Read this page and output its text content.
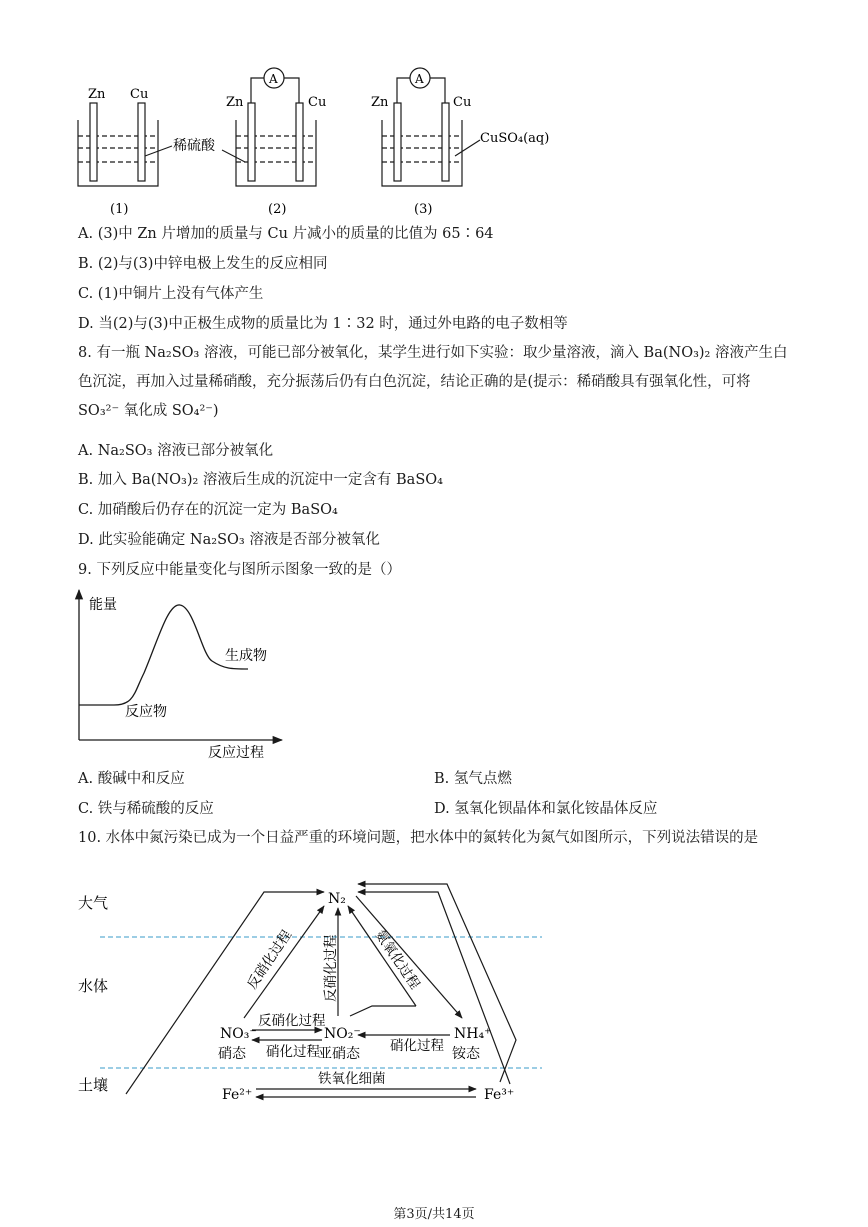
Zn Cu
(1)
稀硫酸
A
Zn	Cu
(2)
A
Zn	Cu
(3)
CuSO₄(aq)
A. (3)中 Zn 片增加的质量与 Cu 片减小的质量的比值为 65∶64
B. (2)与(3)中锌电极上发生的反应相同
C. (1)中铜片上没有气体产生
D. 当(2)与(3)中正极生成物的质量比为 1∶32 时，通过外电路的电子数相等
8. 有一瓶 Na₂SO₃ 溶液，可能已部分被氧化，某学生进行如下实验：取少量溶液，滴入 Ba(NO₃)₂ 溶液产生白色沉淀，再加入过量稀硝酸，充分振荡后仍有白色沉淀，结论正确的是(提示：稀硝酸具有强氧化性，可将 SO₃²⁻ 氧化成 SO₄²⁻)
A. Na₂SO₃ 溶液已部分被氧化
B. 加入 Ba(NO₃)₂ 溶液后生成的沉淀中一定含有 BaSO₄
C. 加硝酸后仍存在的沉淀一定为 BaSO₄
D. 此实验能确定 Na₂SO₃ 溶液是否部分被氧化
9. 下列反应中能量变化与图所示图象一致的是（）
能量
生成物
反应物
反应过程
A. 酸碱中和反应	B. 氢气点燃
C. 铁与稀硫酸的反应	D. 氢氧化钡晶体和氯化铵晶体反应
10. 水体中氮污染已成为一个日益严重的环境问题，把水体中的氮转化为氮气如图所示，下列说法错误的是
大气
水体
土壤
N₂
反硝化过程 反硝化过程 氨氧化过程
NO₃⁻
硝态
NO₂⁻
亚硝态
NH₄⁺
铵态
反硝化过程
硝化过程	硝化过程
Fe²⁺	Fe³⁺
铁氧化细菌
第3页/共14页
